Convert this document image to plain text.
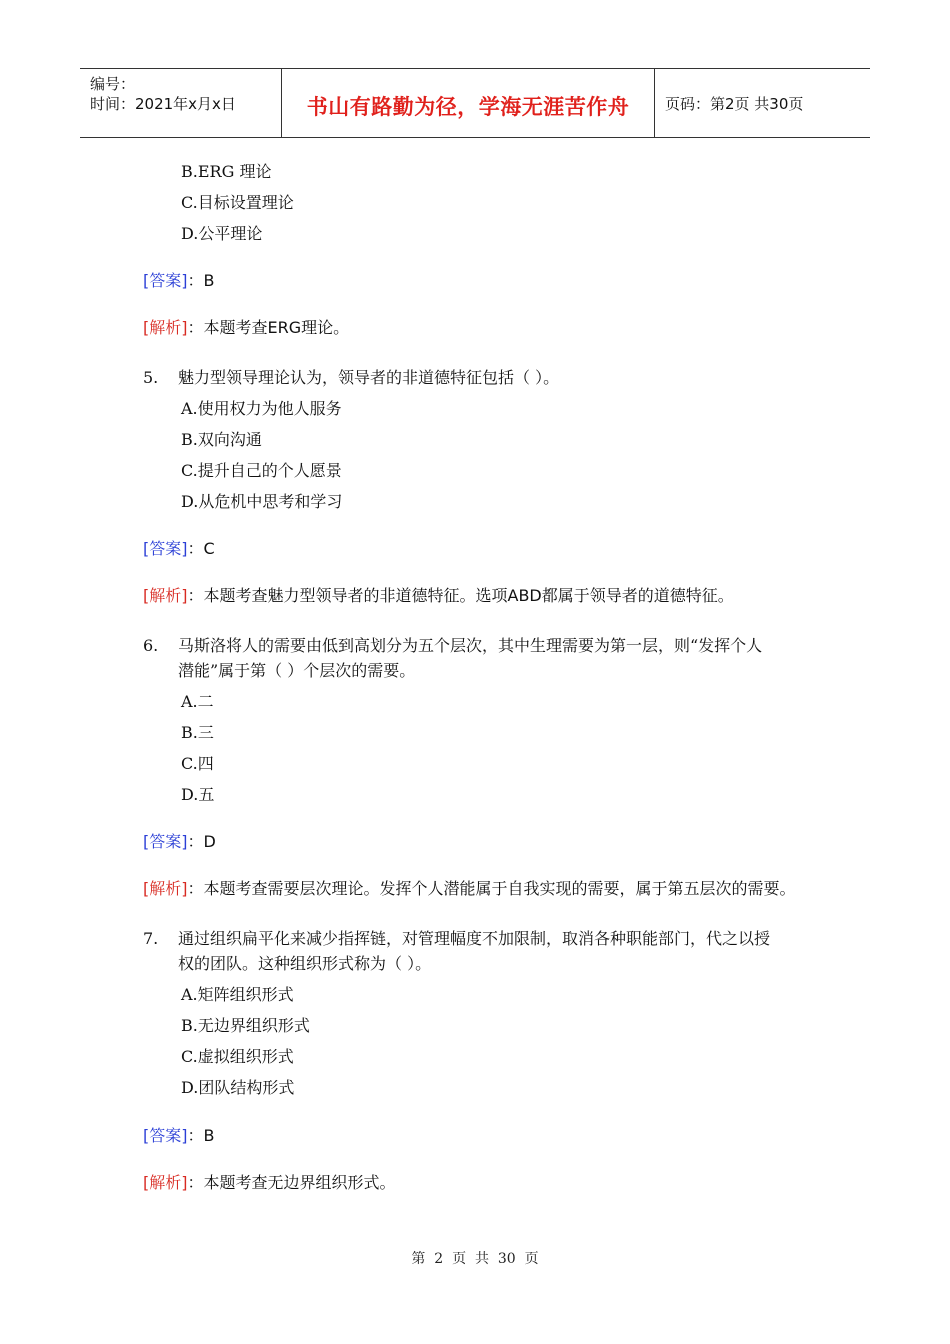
编号：
时间：2021年x月x日	书山有路勤为径，学海无涯苦作舟	页码：第2页 共30页
B.ERG 理论
C.目标设置理论
D.公平理论
[答案]：B
[解析]：本题考查ERG理论。
5. 魅力型领导理论认为，领导者的非道德特征包括（ ）。
A.使用权力为他人服务
B.双向沟通
C.提升自己的个人愿景
D.从危机中思考和学习
[答案]：C
[解析]：本题考查魅力型领导者的非道德特征。选项ABD都属于领导者的道德特征。
6. 马斯洛将人的需要由低到高划分为五个层次，其中生理需要为第一层，则“发挥个人
潜能”属于第（ ）个层次的需要。
A.二
B.三
C.四
D.五
[答案]：D
[解析]：本题考查需要层次理论。发挥个人潜能属于自我实现的需要，属于第五层次的需要。
7. 通过组织扁平化来减少指挥链，对管理幅度不加限制，取消各种职能部门，代之以授
权的团队。这种组织形式称为（ ）。
A.矩阵组织形式
B.无边界组织形式
C.虚拟组织形式
D.团队结构形式
[答案]：B
[解析]：本题考查无边界组织形式。
第  2  页  共  30  页
